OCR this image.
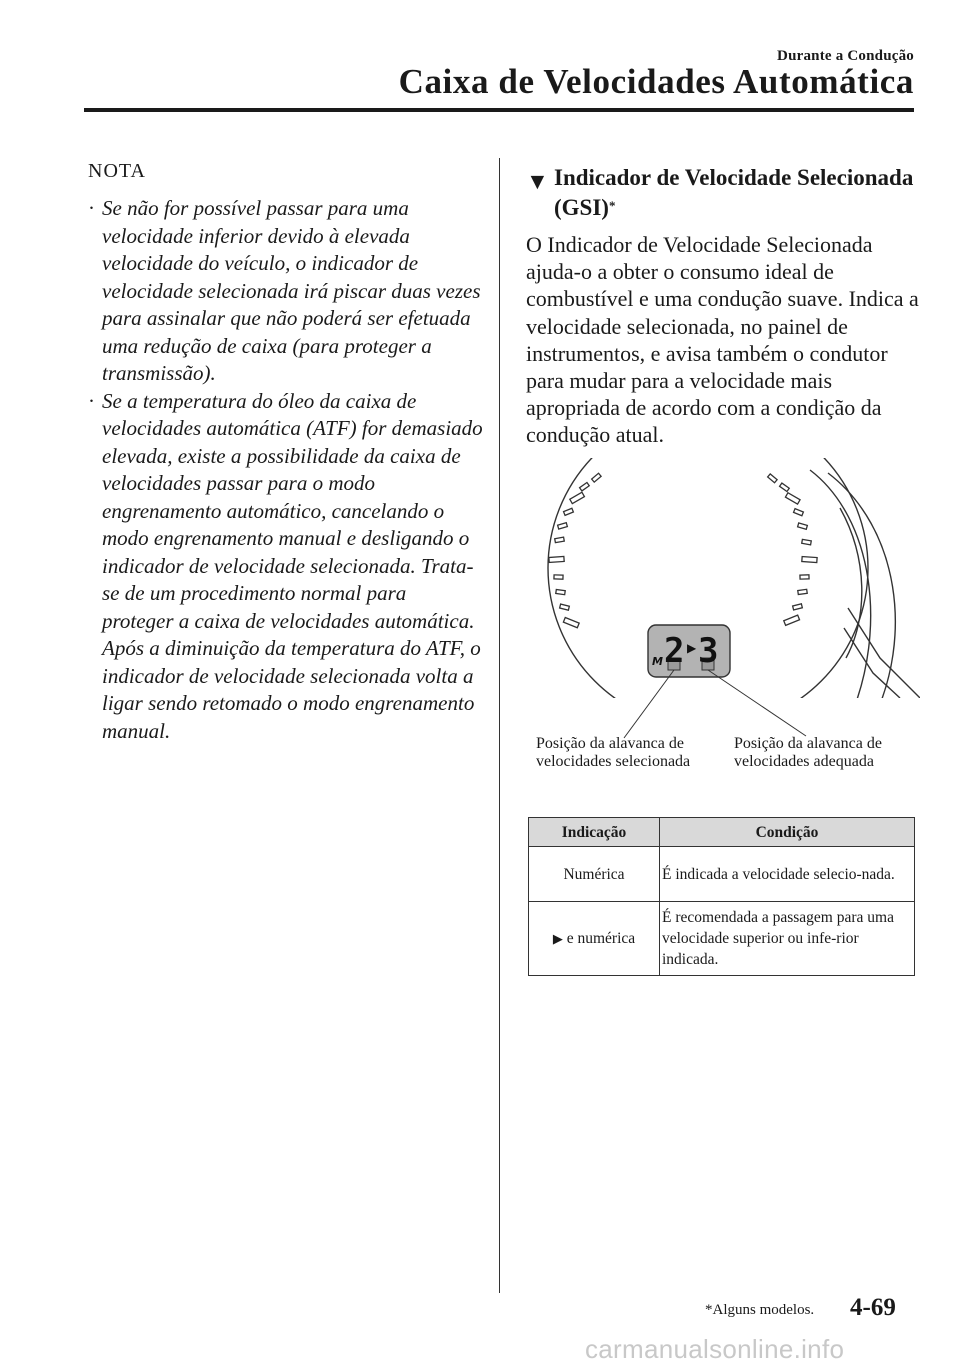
Durante a Condução
Caixa de Velocidades Automática
NOTA
· Se não for possível passar para uma velocidade inferior devido à elevada velocidade do veículo, o indicador de velocidade selecionada irá piscar duas vezes para assinalar que não poderá ser efetuada uma redução de caixa (para proteger a transmissão).
· Se a temperatura do óleo da caixa de velocidades automática (ATF) for demasiado elevada, existe a possibilidade da caixa de velocidades passar para o modo engrenamento automático, cancelando o modo engrenamento manual e desligando o indicador de velocidade selecionada. Trata-se de um procedimento normal para proteger a caixa de velocidades automática. Após a diminuição da temperatura do ATF, o indicador de velocidade selecionada volta a ligar sendo retomado o modo engrenamento manual.
▼ Indicador de Velocidade Selecionada
(GSI)*
O Indicador de Velocidade Selecionada ajuda-o a obter o consumo ideal de combustível e uma condução suave. Indica a velocidade selecionada, no painel de instrumentos, e avisa também o condutor para mudar para a velocidade mais apropriada de acordo com a condição da condução atual.
M 2 ▶ 3
Posição da alavanca de velocidades selecionada
Posição da alavanca de velocidades adequada
Indicação	Condição
Numérica	É indicada a velocidade selecio-nada.
▶ e numérica	É recomendada a passagem para uma velocidade superior ou infe-rior indicada.
*Alguns modelos. 4-69
carmanualsonline.info
